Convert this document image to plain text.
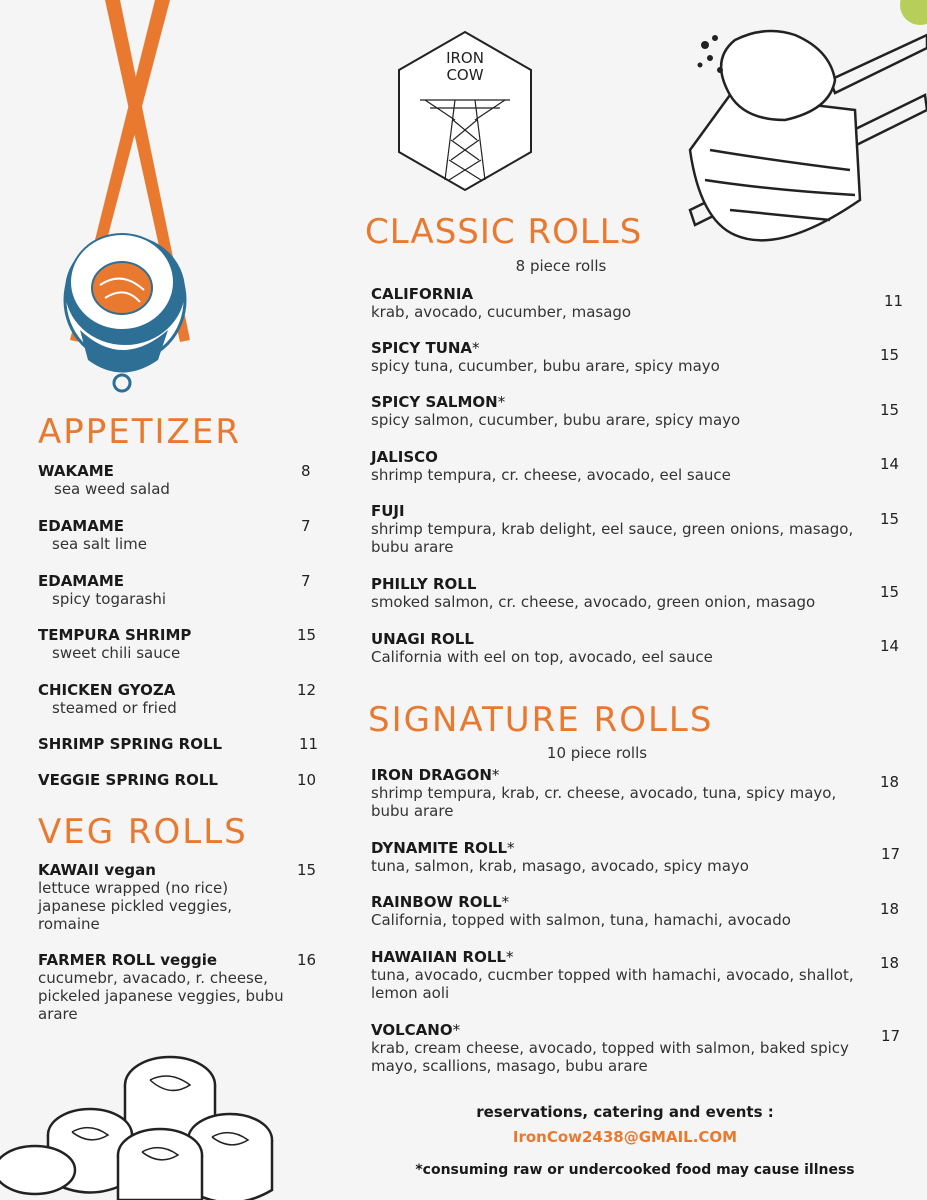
IRON
COW
APPETIZER
VEG ROLLS
CLASSIC ROLLS
8 piece rolls
SIGNATURE ROLLS
10 piece rolls
WAKAME
sea weed salad
8
EDAMAME
sea salt lime
7
EDAMAME
spicy togarashi
7
TEMPURA SHRIMP
sweet chili sauce
15
CHICKEN GYOZA
steamed or fried
12
SHRIMP SPRING ROLL	11
VEGGIE SPRING ROLL	10
KAWAII vegan
lettuce wrapped (no rice) japanese pickled veggies, romaine
15
FARMER ROLL veggie
cucumebr, avacado, r. cheese, pickeled japanese veggies, bubu arare
16
CALIFORNIA
krab, avocado, cucumber, masago
11
SPICY TUNA*
spicy tuna, cucumber, bubu arare, spicy mayo
15
SPICY SALMON*
spicy salmon, cucumber, bubu arare, spicy mayo
15
JALISCO
shrimp tempura, cr. cheese, avocado, eel sauce
14
FUJI
shrimp tempura, krab delight, eel sauce, green onions, masago, bubu arare
15
PHILLY ROLL
smoked salmon, cr. cheese, avocado, green onion, masago
15
UNAGI ROLL
California with eel on top, avocado, eel sauce
14
IRON DRAGON*
shrimp tempura, krab, cr. cheese, avocado, tuna, spicy mayo, bubu arare
18
DYNAMITE ROLL*
tuna, salmon, krab, masago, avocado, spicy mayo
17
RAINBOW ROLL*
California, topped with salmon, tuna, hamachi, avocado
18
HAWAIIAN ROLL*
tuna, avocado, cucmber topped with hamachi, avocado, shallot, lemon aoli
18
VOLCANO*
krab, cream cheese, avocado, topped with salmon, baked spicy mayo, scallions, masago, bubu arare
17
reservations, catering and events :
IronCow2438@GMAIL.COM
*consuming raw or undercooked food may cause illness
